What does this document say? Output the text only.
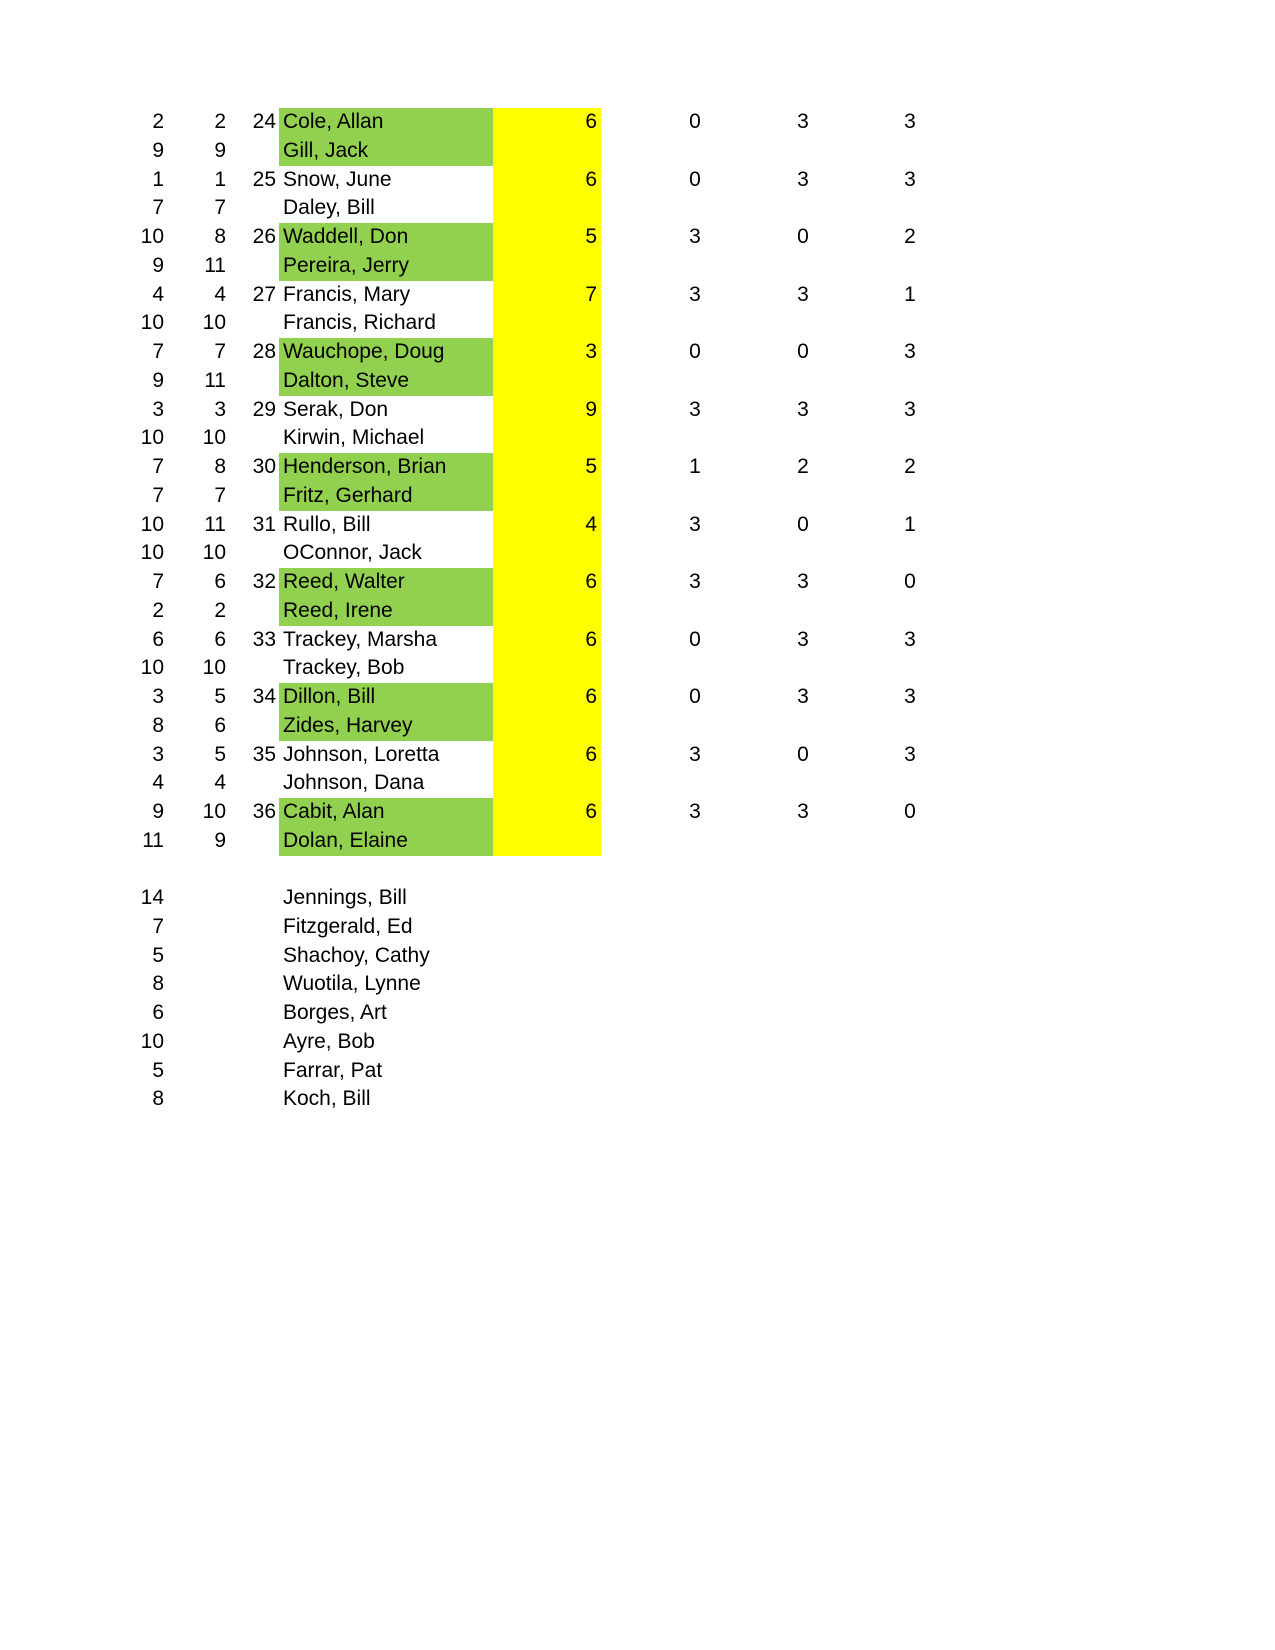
2	2	24 Cole, Allan	6	0	3	3
9	9	Gill, Jack
1	1	25 Snow, June	6	0	3	3
7	7	Daley, Bill
10	8	26 Waddell, Don	5	3	0	2
9	11	Pereira, Jerry
4	4	27 Francis, Mary	7	3	3	1
10	10	Francis, Richard
7	7	28 Wauchope, Doug	3	0	0	3
9	11	Dalton, Steve
3	3	29 Serak, Don	9	3	3	3
10	10	Kirwin, Michael
7	8	30 Henderson, Brian	5	1	2	2
7	7	Fritz, Gerhard
10	11	31 Rullo, Bill	4	3	0	1
10	10	OConnor, Jack
7	6	32 Reed, Walter	6	3	3	0
2	2	Reed, Irene
6	6	33 Trackey, Marsha	6	0	3	3
10	10	Trackey, Bob
3	5	34 Dillon, Bill	6	0	3	3
8	6	Zides, Harvey
3	5	35 Johnson, Loretta	6	3	0	3
4	4	Johnson, Dana
9	10	36 Cabit, Alan	6	3	3	0
11	9	Dolan, Elaine
14	Jennings, Bill
7	Fitzgerald, Ed
5	Shachoy, Cathy
8	Wuotila, Lynne
6	Borges, Art
10	Ayre, Bob
5	Farrar, Pat
8	Koch, Bill
